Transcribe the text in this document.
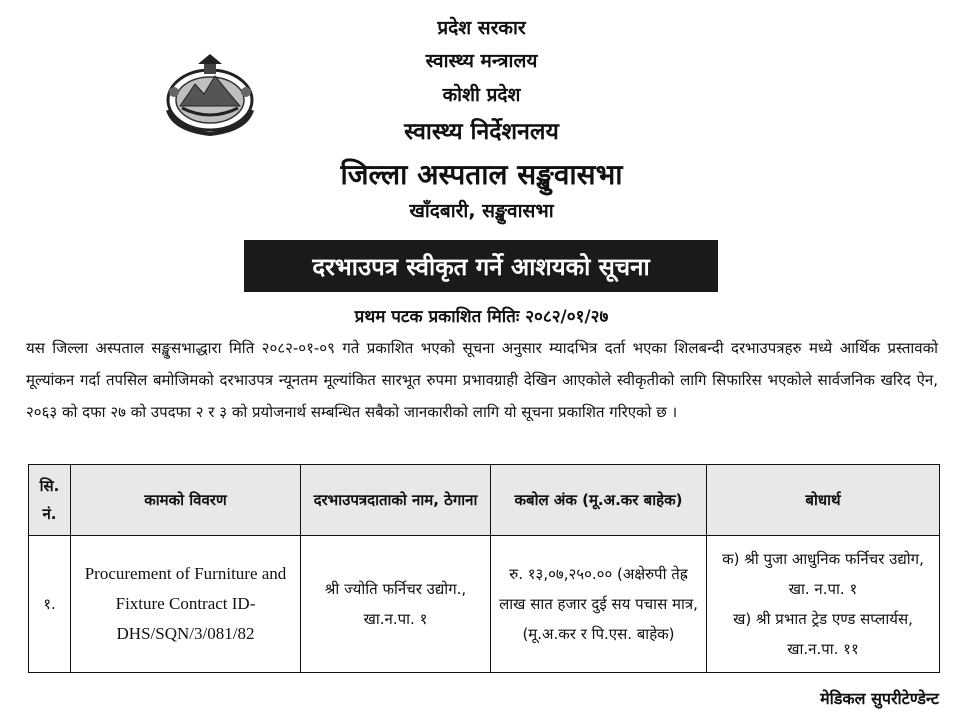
प्रदेश सरकार
स्वास्थ्य मन्त्रालय
कोशी प्रदेश
स्वास्थ्य निर्देशनलय
जिल्ला अस्पताल सङ्खुवासभा
खाँदबारी, सङ्खुवासभा
दरभाउपत्र स्वीकृत गर्ने आशयको सूचना
प्रथम पटक प्रकाशित मितिः २०८२/०१/२७
यस जिल्ला अस्पताल सङ्खुसभाद्धारा मिति २०८२-०१-०९ गते प्रकाशित भएको सूचना अनुसार म्यादभित्र दर्ता भएका शिलबन्दी दरभाउपत्रहरु मध्ये आर्थिक प्रस्तावको मूल्यांकन गर्दा तपसिल बमोजिमको दरभाउपत्र न्यूनतम मूल्यांकित सारभूत रुपमा प्रभावग्राही देखिन आएकोले स्वीकृतीको लागि सिफारिस भएकोले सार्वजनिक खरिद ऐन, २०६३ को दफा २७ को उपदफा २ र ३ को प्रयोजनार्थ सम्बन्धित सबैको जानकारीको लागि यो सूचना प्रकाशित गरिएको छ ।
सि. नं.	कामको विवरण	दरभाउपत्रदाताको नाम, ठेगाना	कबोल अंक (मू.अ.कर बाहेक)	बोधार्थ
१.	Procurement of Furniture and Fixture Contract ID-DHS/SQN/3/081/82	श्री ज्योति फर्निचर उद्योग., खा.न.पा. १	रु. १३,०७,२५०.०० (अक्षेरुपी तेह्र लाख सात हजार दुई सय पचास मात्र, (मू.अ.कर र पि.एस. बाहेक)	क) श्री पुजा आधुनिक फर्निचर उद्योग, खा. न.पा. १
ख) श्री प्रभात ट्रेड एण्ड सप्लार्यस, खा.न.पा. ११
मेडिकल सुपरीटेण्डेन्ट
